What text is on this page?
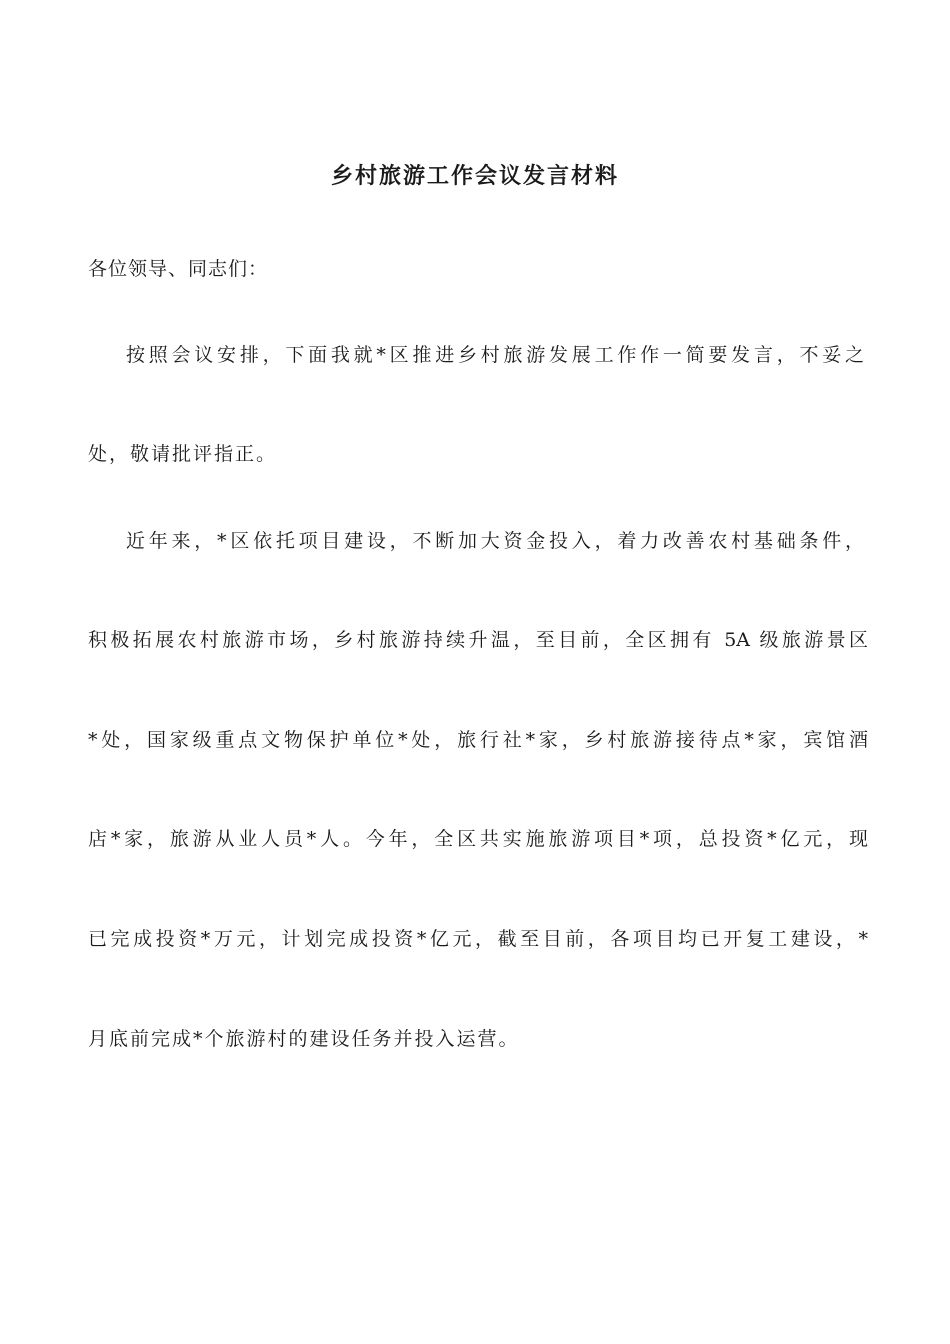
乡村旅游工作会议发言材料
各位领导、同志们：
按照会议安排，下面我就*区推进乡村旅游发展工作作一简要发言，不妥之
处，敬请批评指正。
近年来，*区依托项目建设，不断加大资金投入，着力改善农村基础条件，
积极拓展农村旅游市场，乡村旅游持续升温，至目前，全区拥有 5A 级旅游景区
*处，国家级重点文物保护单位*处，旅行社*家，乡村旅游接待点*家，宾馆酒
店*家，旅游从业人员*人。今年，全区共实施旅游项目*项，总投资*亿元，现
已完成投资*万元，计划完成投资*亿元，截至目前，各项目均已开复工建设，*
月底前完成*个旅游村的建设任务并投入运营。
